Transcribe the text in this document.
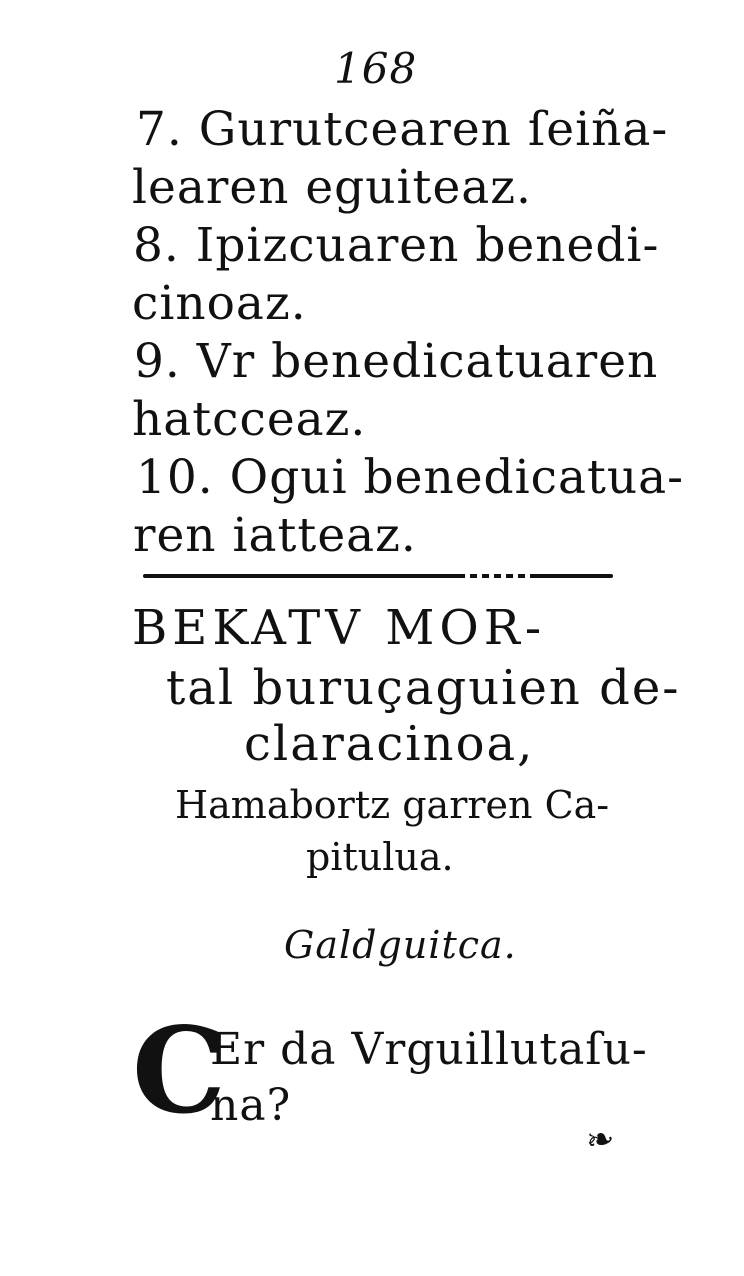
168
7. Gurutcearen ſeiña-
learen eguiteaz.
8. Ipizcuaren benedi-
cinoaz.
9. Vr benedicatuaren
hatcceaz.
10. Ogui benedicatua-
ren iatteaz.
BEKATV MOR-
tal buruçaguien de-
claracinoa,
Hamabortz garren Ca-
pitulua.
Galdguitca.
C
Er da Vrguillutaſu-
na?
❧
